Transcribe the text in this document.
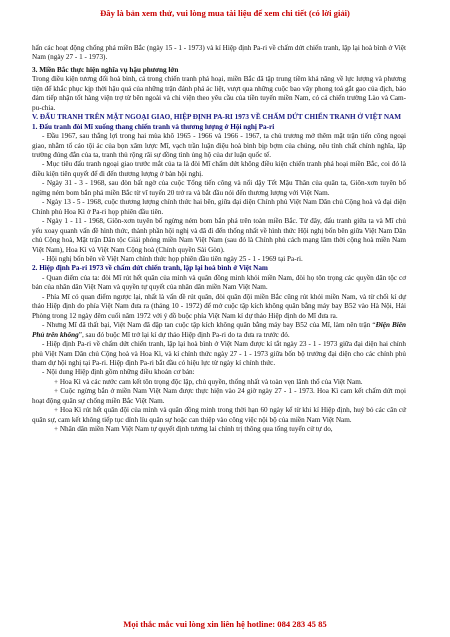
Đây là bản xem thử, vui lòng mua tài liệu để xem chi tiết (có lời giải)

hẩn các hoạt động chống phá miền Bắc (ngày 15 - 1 - 1973) và kí Hiệp định Pa-ri về chấm dứt chiến tranh, lập lại hoà bình ở Việt Nam (ngày 27 - 1 - 1973).

3. Miền Bắc thực hiện nghĩa vụ hậu phương lớn

Trong điều kiện tương đối hoà bình, cả trong chiến tranh phá hoại, miền Bắc đã tập trung tiềm khả năng về lực lượng và phương tiện để khắc phục kịp thời hậu quả của những trận đánh phá ác liệt, vượt qua những cuộc bao vây phong toả gắt gao của địch, bảo đảm tiếp nhận tốt hàng viện trợ từ bên ngoài và chi viện theo yêu cầu của tiền tuyến miền Nam, có cả chiến trường Lào và Cam-pu-chia.

V. ĐẤU TRANH TRÊN MẶT NGOẠI GIAO, HIỆP ĐỊNH PA-RI 1973 VỀ CHẤM DỨT CHIẾN TRANH Ở VIỆT NAM

1. Đấu tranh đòi Mĩ xuống thang chiến tranh và thương lượng ở Hội nghị Pa-ri

- Đầu 1967, sau thắng lợi trong hai mùa khô 1965 - 1966 và 1966 - 1967, ta chủ trương mở thêm mặt trận tiến công ngoại giao, nhằm tố cáo tội ác của bọn xâm lược Mĩ, vạch trần luận điệu hoà bình bịp bợm của chúng, nêu tính chất chính nghĩa, lập trường đúng đắn của ta, tranh thủ rộng rãi sự đồng tình ủng hộ của dư luận quốc tế.

- Mục tiêu đấu tranh ngoại giao trước mắt của ta là đòi Mĩ chấm dứt không điều kiện chiến tranh phá hoại miền Bắc, coi đó là điều kiện tiên quyết để đi đến thương lượng ở bàn hội nghị.

- Ngày 31 - 3 - 1968, sau đòn bất ngờ của cuộc Tổng tiến công và nổi dậy Tết Mậu Thân của quân ta, Giôn-xơn tuyên bố ngừng ném bom bắn phá miền Bắc từ vĩ tuyến 20 trở ra và bắt đầu nói đến thương lượng với Việt Nam.

- Ngày 13 - 5 - 1968, cuộc thương lượng chính thức hai bên, giữa đại diện Chính phủ Việt Nam Dân chủ Cộng hoà và đại diện Chính phủ Hoa Kì ở Pa-ri họp phiên đầu tiên.

- Ngày 1 - 11 - 1968, Giôn-xơn tuyên bố ngừng ném bom bắn phá trên toàn miền Bắc. Từ đây, đấu tranh giữa ta và Mĩ chủ yếu xoay quanh vấn đề hình thức, thành phần hội nghị và đã đi đến thống nhất về hình thức Hội nghị bốn bên giữa Việt Nam Dân chủ Cộng hoà, Mặt trận Dân tộc Giải phóng miền Nam Việt Nam (sau đó là Chính phủ cách mạng lâm thời cộng hoà miền Nam Việt Nam), Hoa Kì và Việt Nam Cộng hoà (Chính quyền Sài Gòn).

- Hội nghị bốn bên về Việt Nam chính thức họp phiên đầu tiên ngày 25 - 1 - 1969 tại Pa-ri.

2. Hiệp định Pa-ri 1973 về chấm dứt chiến tranh, lập lại hoà bình ở Việt Nam

- Quan điểm của ta: đòi Mĩ rút hết quân của mình và quân đồng minh khỏi miền Nam, đòi họ tôn trọng các quyền dân tộc cơ bản của nhân dân Việt Nam và quyền tự quyết của nhân dân miền Nam Việt Nam.

- Phía Mĩ có quan điểm ngược lại, nhất là vấn đề rút quân, đòi quân đội miền Bắc cũng rút khỏi miền Nam, và từ chối kí dự thảo Hiệp định do phía Việt Nam đưa ra (tháng 10 - 1972) để mở cuộc tập kích không quân bằng máy bay B52 vào Hà Nội, Hải Phòng trong 12 ngày đêm cuối năm 1972 với ý đồ buộc phía Việt Nam kí dự thảo Hiệp định do Mĩ đưa ra.

- Nhưng Mĩ đã thất bại, Việt Nam đã đập tan cuộc tập kích không quân bằng máy bay B52 của Mĩ, làm nên trận “Điện Biên Phủ trên không”, sau đó buộc Mĩ trở lại kí dự thảo Hiệp định Pa-ri do ta đưa ra trước đó.

- Hiệp định Pa-ri về chấm dứt chiến tranh, lập lại hoà bình ở Việt Nam được kí tắt ngày 23 - 1 - 1973 giữa đại diện hai chính phủ Việt Nam Dân chủ Cộng hoà và Hoa Kì, và kí chính thức ngày 27 - 1 - 1973 giữa bốn bộ trưởng đại diện cho các chính phủ tham dự hội nghị tại Pa-ri. Hiệp định Pa-ri bắt đầu có hiệu lực từ ngày kí chính thức.

- Nội dung Hiệp định gồm những điều khoản cơ bản:

+ Hoa Kì và các nước cam kết tôn trọng độc lập, chủ quyền, thống nhất và toàn vẹn lãnh thổ của Việt Nam.

+ Cuộc ngừng bắn ở miền Nam Việt Nam được thực hiện vào 24 giờ ngày 27 - 1 - 1973. Hoa Kì cam kết chấm dứt mọi hoạt động quân sự chống miền Bắc Việt Nam.

+ Hoa Kì rút hết quân đội của mình và quân đồng minh trong thời hạn 60 ngày kể từ khi kí Hiệp định, huỷ bỏ các căn cứ quân sự, cam kết không tiếp tục dính líu quân sự hoặc can thiệp vào công việc nội bộ của miền Nam Việt Nam.

+ Nhân dân miền Nam Việt Nam tự quyết định tương lai chính trị thông qua tổng tuyển cử tự do,

Mọi thắc mắc vui lòng xin liên hệ hotline: 084 283 45 85
